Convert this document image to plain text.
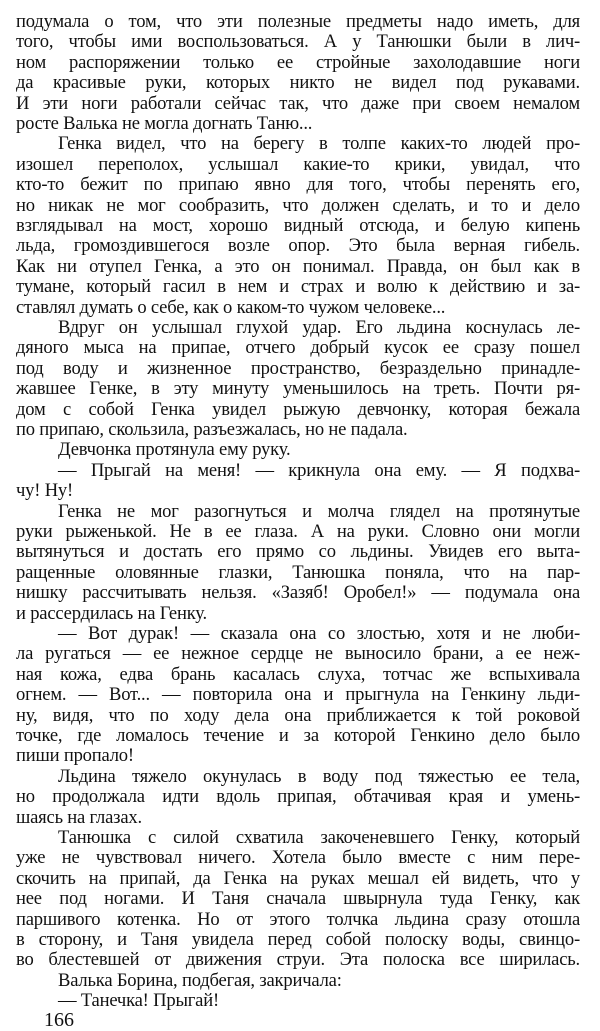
подумала о том, что эти полезные предметы надо иметь, для
того, чтобы ими воспользоваться. А у Танюшки были в лич-
ном распоряжении только ее стройные захолодавшие ноги
да красивые руки, которых никто не видел под рукавами.
И эти ноги работали сейчас так, что даже при своем немалом
росте Валька не могла догнать Таню...
Генка видел, что на берегу в толпе каких-то людей про-
изошел переполох, услышал какие-то крики, увидал, что
кто-то бежит по припаю явно для того, чтобы перенять его,
но никак не мог сообразить, что должен сделать, и то и дело
взглядывал на мост, хорошо видный отсюда, и белую кипень
льда, громоздившегося возле опор. Это была верная гибель.
Как ни отупел Генка, а это он понимал. Правда, он был как в
тумане, который гасил в нем и страх и волю к действию и за-
ставлял думать о себе, как о каком-то чужом человеке...
Вдруг он услышал глухой удар. Его льдина коснулась ле-
дяного мыса на припае, отчего добрый кусок ее сразу пошел
под воду и жизненное пространство, безраздельно принадле-
жавшее Генке, в эту минуту уменьшилось на треть. Почти ря-
дом с собой Генка увидел рыжую девчонку, которая бежала
по припаю, скользила, разъезжалась, но не падала.
Девчонка протянула ему руку.
— Прыгай на меня! — крикнула она ему. — Я подхва-
чу! Ну!
Генка не мог разогнуться и молча глядел на протянутые
руки рыженькой. Не в ее глаза. А на руки. Словно они могли
вытянуться и достать его прямо со льдины. Увидев его выта-
ращенные оловянные глазки, Танюшка поняла, что на пар-
нишку рассчитывать нельзя. «Зазяб! Оробел!» — подумала она
и рассердилась на Генку.
— Вот дурак! — сказала она со злостью, хотя и не люби-
ла ругаться — ее нежное сердце не выносило брани, а ее неж-
ная кожа, едва брань касалась слуха, тотчас же вспыхивала
огнем. — Вот... — повторила она и прыгнула на Генкину льди-
ну, видя, что по ходу дела она приближается к той роковой
точке, где ломалось течение и за которой Генкино дело было
пиши пропало!
Льдина тяжело окунулась в воду под тяжестью ее тела,
но продолжала идти вдоль припая, обтачивая края и умень-
шаясь на глазах.
Танюшка с силой схватила закоченевшего Генку, который
уже не чувствовал ничего. Хотела было вместе с ним пере-
скочить на припай, да Генка на руках мешал ей видеть, что у
нее под ногами. И Таня сначала швырнула туда Генку, как
паршивого котенка. Но от этого толчка льдина сразу отошла
в сторону, и Таня увидела перед собой полоску воды, свинцо-
во блестевшей от движения струи. Эта полоска все ширилась.
Валька Борина, подбегая, закричала:
— Танечка! Прыгай!
166
